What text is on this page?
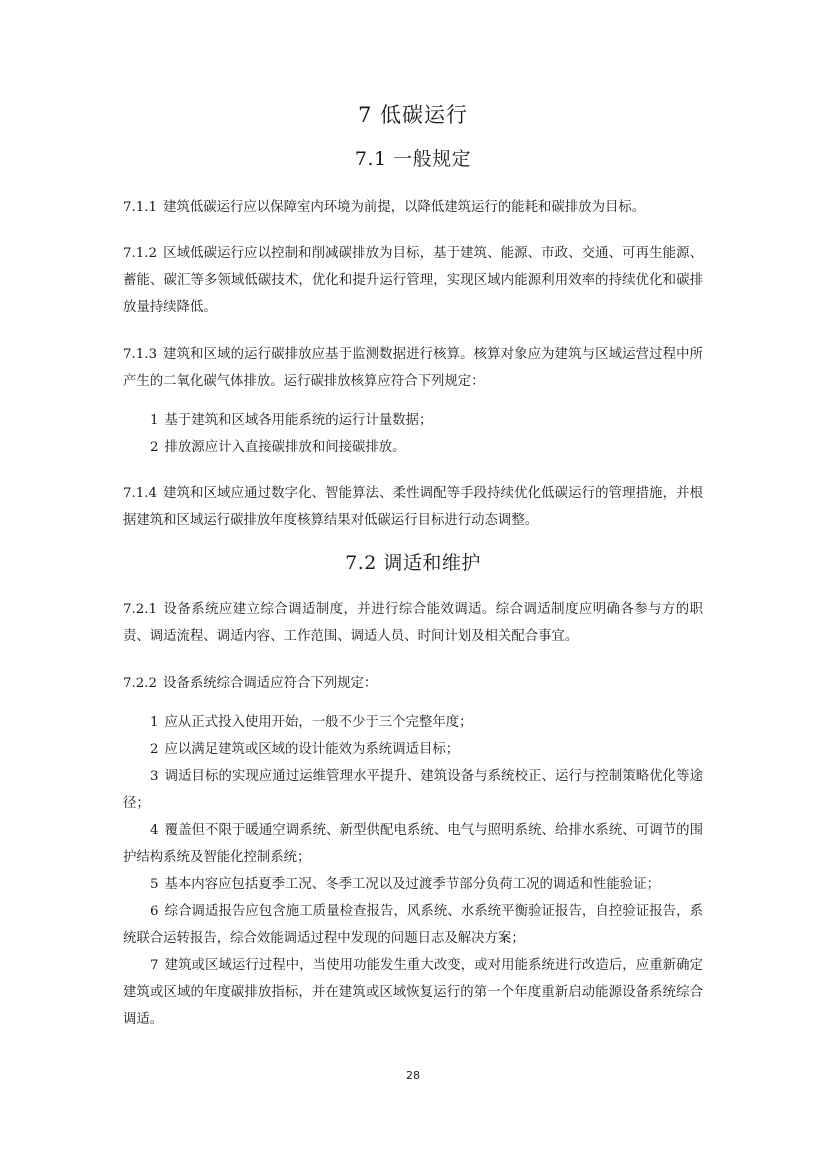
7 低碳运行
7.1 一般规定

7.1.1 建筑低碳运行应以保障室内环境为前提，以降低建筑运行的能耗和碳排放为目标。

7.1.2 区域低碳运行应以控制和削减碳排放为目标，基于建筑、能源、市政、交通、可再生能源、蓄能、碳汇等多领域低碳技术，优化和提升运行管理，实现区域内能源利用效率的持续优化和碳排放量持续降低。

7.1.3 建筑和区域的运行碳排放应基于监测数据进行核算。核算对象应为建筑与区域运营过程中所产生的二氧化碳气体排放。运行碳排放核算应符合下列规定：

1 基于建筑和区域各用能系统的运行计量数据；

2 排放源应计入直接碳排放和间接碳排放。

7.1.4 建筑和区域应通过数字化、智能算法、柔性调配等手段持续优化低碳运行的管理措施，并根据建筑和区域运行碳排放年度核算结果对低碳运行目标进行动态调整。

7.2 调适和维护

7.2.1 设备系统应建立综合调适制度，并进行综合能效调适。综合调适制度应明确各参与方的职责、调适流程、调适内容、工作范围、调适人员、时间计划及相关配合事宜。

7.2.2 设备系统综合调适应符合下列规定：

1 应从正式投入使用开始，一般不少于三个完整年度；

2 应以满足建筑或区域的设计能效为系统调适目标；

3 调适目标的实现应通过运维管理水平提升、建筑设备与系统校正、运行与控制策略优化等途径；

4 覆盖但不限于暖通空调系统、新型供配电系统、电气与照明系统、给排水系统、可调节的围护结构系统及智能化控制系统；

5 基本内容应包括夏季工况、冬季工况以及过渡季节部分负荷工况的调适和性能验证；

6 综合调适报告应包含施工质量检查报告，风系统、水系统平衡验证报告，自控验证报告，系统联合运转报告，综合效能调适过程中发现的问题日志及解决方案；

7 建筑或区域运行过程中，当使用功能发生重大改变，或对用能系统进行改造后，应重新确定建筑或区域的年度碳排放指标，并在建筑或区域恢复运行的第一个年度重新启动能源设备系统综合调适。

28
